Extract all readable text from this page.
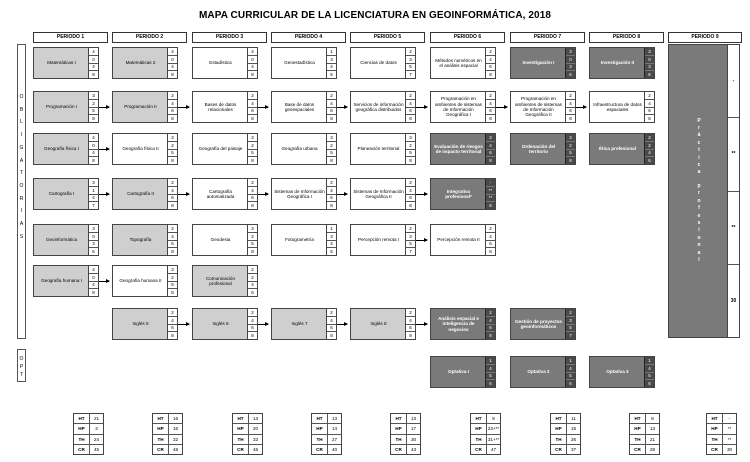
MAPA CURRICULAR DE LA LICENCIATURA EN GEOINFORMÁTICA, 2018
PERIODO 1	PERIODO 2	PERIODO 3	PERIODO 4	PERIODO 5	PERIODO 6	PERIODO 7	PERIODO 8	PERIODO 9
O
B
L
I
G
A
T
O
R
I
A
S
O
P
T
Matemáticas I
4
0
4
8
Programación I
3
2
5
8
Geografía física I
4
0
4
8
Cartografía I
3
1
4
7
Geoinformática
3
0
3
6
Geografía humana I
4
0
4
8
Matemáticas 2
4
0
4
8
Programación II
2
4
6
8
Geografía física II
3
2
5
8
Cartografía II
2
4
6
8
Topografía
2
4
6
8
Geografía humana II
3
2
5
8
Inglés 5
2
4
6
8
Estadística
4
0
4
8
Bases de datos relacionales
2
4
6
8
Geografía del paisaje
3
2
5
8
Cartografía automatizada
2
4
6
8
Geodesia
3
2
5
8
Comunicación profesional
2
2
4
6
Inglés 6
2
4
6
8
Geoestadística
1
3
4
5
Base de datos geoespaciales
2
4
6
8
Geografía urbana
3
2
5
8
Sistemas de Información Geográfica I
2
4
6
8
Fotogrametría
1
3
4
5
Inglés 7
2
4
6
8
Ciencias de datos
2
3
5
7
Servicios de información geográfica distribuidos
2
4
6
8
Planeación territorial
3
2
5
8
Sistemas de Información Geográfica II
2
4
6
8
Percepción remota I
2
3
5
7
Inglés 8
2
4
6
8
Métodos numéricos en el análisis espacial
2
4
6
8
Programación en ambientes de sistemas de Información Geográfica I
2
4
6
8
Evaluación de riesgos de impacto territorial
2
4
6
8
Integrativa profesional*
-
**
**
8
Percepción remota II
2
4
6
8
Análisis espacial e inteligencia de negocios
2
4
6
8
Optativa I
1
4
5
6
Investigación I
3
0
3
6
Programación en ambientes de sistemas de Información Geográfica II
2
4
6
8
Ordenación del territorio
3
2
5
8
Gestión de proyectos geoinformáticos
2
3
5
7
Optativa 2
1
4
5
6
Investigación II
3
0
3
6
Infraestructura de datos espaciales
2
4
6
8
Ética profesional
2
2
4
6
Optativa 3
1
4
5
6
P
r
á
c
t
i
c
a
p
r
o
f
e
s
i
o
n
a
l
-
**
**
30
HT	21
HP	3
TH	24
CR	45
HT	16
HP	16
TH	32
CR	48
HT	13
HP	20
TH	33
CR	46
HT	13
HP	14
TH	27
CR	40
HT	13
HP	17
TH	30
CR	43
HT	8
HP	23+**
TH	31+**
CR	47
HT	11
HP	15
TH	26
CR	37
HT	8
HP	13
TH	21
CR	29
HT	-
HP	**
TH	**
CR	30
